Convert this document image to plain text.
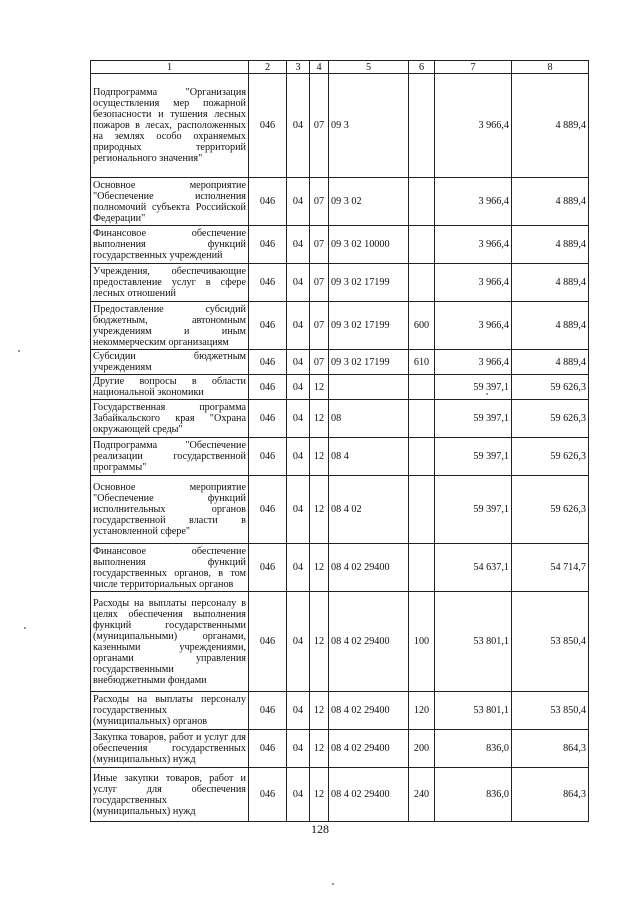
1	2	3	4	5	6	7	8
Подпрограмма "Организация осуществления мер пожарной безопасности и тушения лесных пожаров в лесах, расположенных на землях особо охраняемых природных территорий регионального значения"	046	04	07	09 3		3 966,4	4 889,4
Основное мероприятие "Обеспечение исполнения полномочий субъекта Российской Федерации"	046	04	07	09 3 02		3 966,4	4 889,4
Финансовое обеспечение выполнения функций государственных учреждений	046	04	07	09 3 02 10000		3 966,4	4 889,4
Учреждения, обеспечивающие предоставление услуг в сфере лесных отношений	046	04	07	09 3 02 17199		3 966,4	4 889,4
Предоставление субсидий бюджетным, автономным учреждениям и иным некоммерческим организациям	046	04	07	09 3 02 17199	600	3 966,4	4 889,4
Субсидии бюджетным учреждениям	046	04	07	09 3 02 17199	610	3 966,4	4 889,4
Другие вопросы в области национальной экономики	046	04	12			59 397,1	59 626,3
Государственная программа Забайкальского края "Охрана окружающей среды"	046	04	12	08		59 397,1	59 626,3
Подпрограмма "Обеспечение реализации государственной программы"	046	04	12	08 4		59 397,1	59 626,3
Основное мероприятие "Обеспечение функций исполнительных органов государственной власти в установленной сфере"	046	04	12	08 4 02		59 397,1	59 626,3
Финансовое обеспечение выполнения функций государственных органов, в том числе территориальных органов	046	04	12	08 4 02 29400		54 637,1	54 714,7
Расходы на выплаты персоналу в целях обеспечения выполнения функций государственными (муниципальными) органами, казенными учреждениями, органами управления государственными внебюджетными фондами	046	04	12	08 4 02 29400	100	53 801,1	53 850,4
Расходы на выплаты персоналу государственных (муниципальных) органов	046	04	12	08 4 02 29400	120	53 801,1	53 850,4
Закупка товаров, работ и услуг для обеспечения государственных (муниципальных) нужд	046	04	12	08 4 02 29400	200	836,0	864,3
Иные закупки товаров, работ и услуг для обеспечения государственных (муниципальных) нужд	046	04	12	08 4 02 29400	240	836,0	864,3
128
